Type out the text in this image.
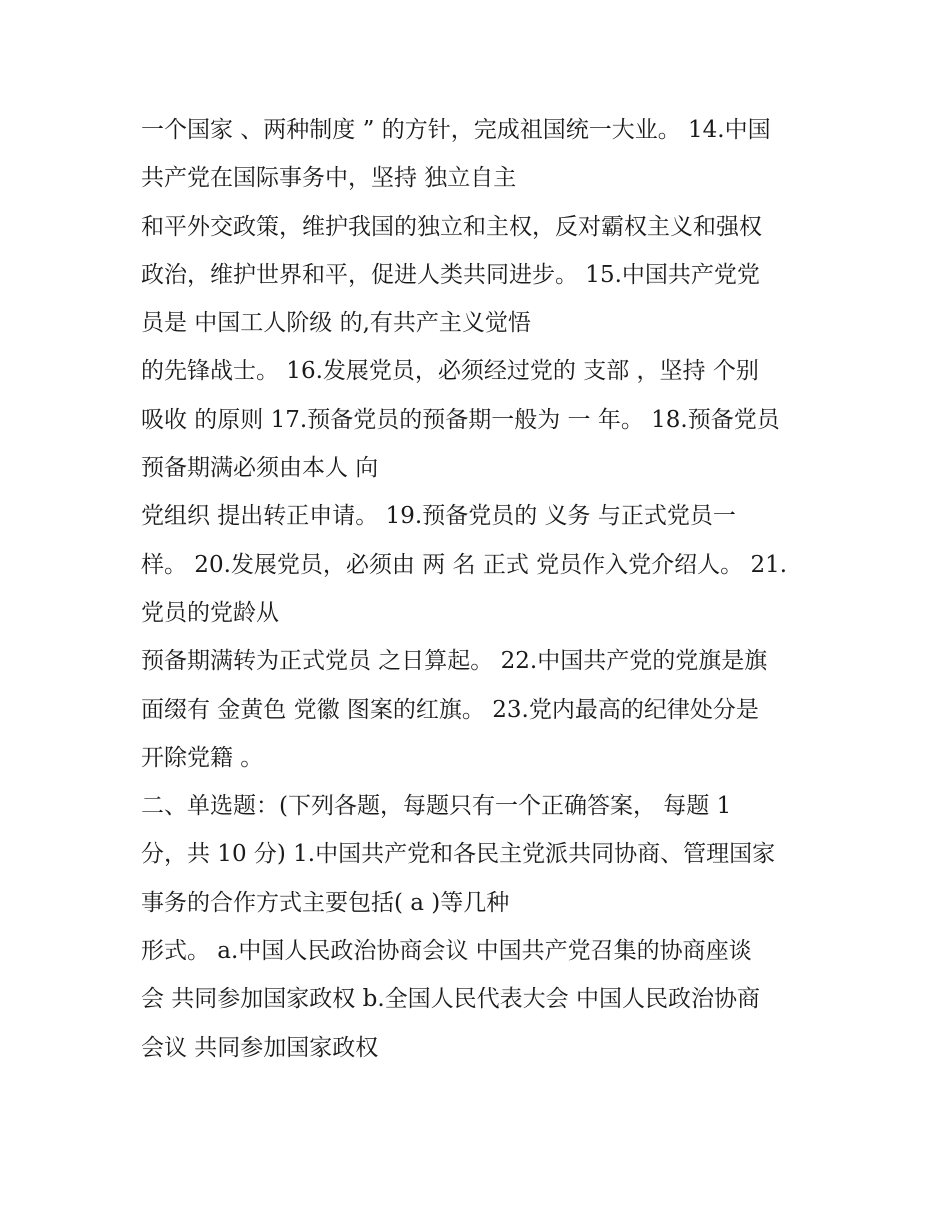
一个国家 、两种制度 ” 的方针，完成祖国统一大业。 14.中国
共产党在国际事务中，坚持 独立自主
和平外交政策，维护我国的独立和主权，反对霸权主义和强权
政治，维护世界和平，促进人类共同进步。 15.中国共产党党
员是 中国工人阶级 的,有共产主义觉悟
的先锋战士。 16.发展党员，必须经过党的 支部 ，坚持 个别
吸收 的原则 17.预备党员的预备期一般为 一 年。 18.预备党员
预备期满必须由本人 向
党组织 提出转正申请。 19.预备党员的 义务 与正式党员一
样。 20.发展党员，必须由 两 名 正式 党员作入党介绍人。 21.
党员的党龄从
预备期满转为正式党员 之日算起。 22.中国共产党的党旗是旗
面缀有 金黄色 党徽 图案的红旗。 23.党内最高的纪律处分是
开除党籍 。
二、单选题：(下列各题，每题只有一个正确答案， 每题 1
分，共 10 分) 1.中国共产党和各民主党派共同协商、管理国家
事务的合作方式主要包括( a )等几种
形式。 a.中国人民政治协商会议 中国共产党召集的协商座谈
会 共同参加国家政权 b.全国人民代表大会 中国人民政治协商
会议 共同参加国家政权
